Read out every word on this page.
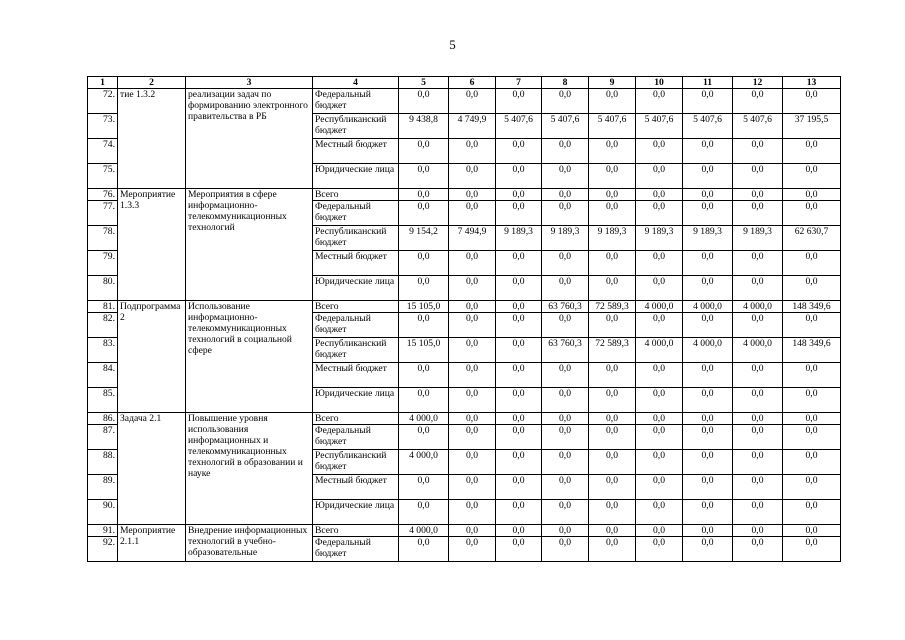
5
1	2	3	4	5	6	7	8	9	10	11	12	13
72.	тие 1.3.2	реализации задач по формированию электронного правительства в РБ	Федеральный бюджет	0,0	0,0	0,0	0,0	0,0	0,0	0,0	0,0	0,0
73.			Республиканский бюджет	9 438,8	4 749,9	5 407,6	5 407,6	5 407,6	5 407,6	5 407,6	5 407,6	37 195,5
74.			Местный бюджет	0,0	0,0	0,0	0,0	0,0	0,0	0,0	0,0	0,0
75.			Юридические лица	0,0	0,0	0,0	0,0	0,0	0,0	0,0	0,0	0,0
76.	Мероприятие 1.3.3	Мероприятия в сфере информационно-телекоммуникационных технологий	Всего	0,0	0,0	0,0	0,0	0,0	0,0	0,0	0,0	0,0
77.			Федеральный бюджет	0,0	0,0	0,0	0,0	0,0	0,0	0,0	0,0	0,0
78.			Республиканский бюджет	9 154,2	7 494,9	9 189,3	9 189,3	9 189,3	9 189,3	9 189,3	9 189,3	62 630,7
79.			Местный бюджет	0,0	0,0	0,0	0,0	0,0	0,0	0,0	0,0	0,0
80.			Юридические лица	0,0	0,0	0,0	0,0	0,0	0,0	0,0	0,0	0,0
81.	Подпрограмма 2	Использование информационно-телекоммуникационных технологий в социальной сфере	Всего	15 105,0	0,0	0,0	63 760,3	72 589,3	4 000,0	4 000,0	4 000,0	148 349,6
82.			Федеральный бюджет	0,0	0,0	0,0	0,0	0,0	0,0	0,0	0,0	0,0
83.			Республиканский бюджет	15 105,0	0,0	0,0	63 760,3	72 589,3	4 000,0	4 000,0	4 000,0	148 349,6
84.			Местный бюджет	0,0	0,0	0,0	0,0	0,0	0,0	0,0	0,0	0,0
85.			Юридические лица	0,0	0,0	0,0	0,0	0,0	0,0	0,0	0,0	0,0
86.	Задача 2.1	Повышение уровня использования информационных и телекоммуникационных технологий в образовании и науке	Всего	4 000,0	0,0	0,0	0,0	0,0	0,0	0,0	0,0	0,0
87.			Федеральный бюджет	0,0	0,0	0,0	0,0	0,0	0,0	0,0	0,0	0,0
88.			Республиканский бюджет	4 000,0	0,0	0,0	0,0	0,0	0,0	0,0	0,0	0,0
89.			Местный бюджет	0,0	0,0	0,0	0,0	0,0	0,0	0,0	0,0	0,0
90.			Юридические лица	0,0	0,0	0,0	0,0	0,0	0,0	0,0	0,0	0,0
91.	Мероприятие 2.1.1	Внедрение информационных технологий в учебно-образовательные	Всего	4 000,0	0,0	0,0	0,0	0,0	0,0	0,0	0,0	0,0
92.			Федеральный бюджет	0,0	0,0	0,0	0,0	0,0	0,0	0,0	0,0	0,0
